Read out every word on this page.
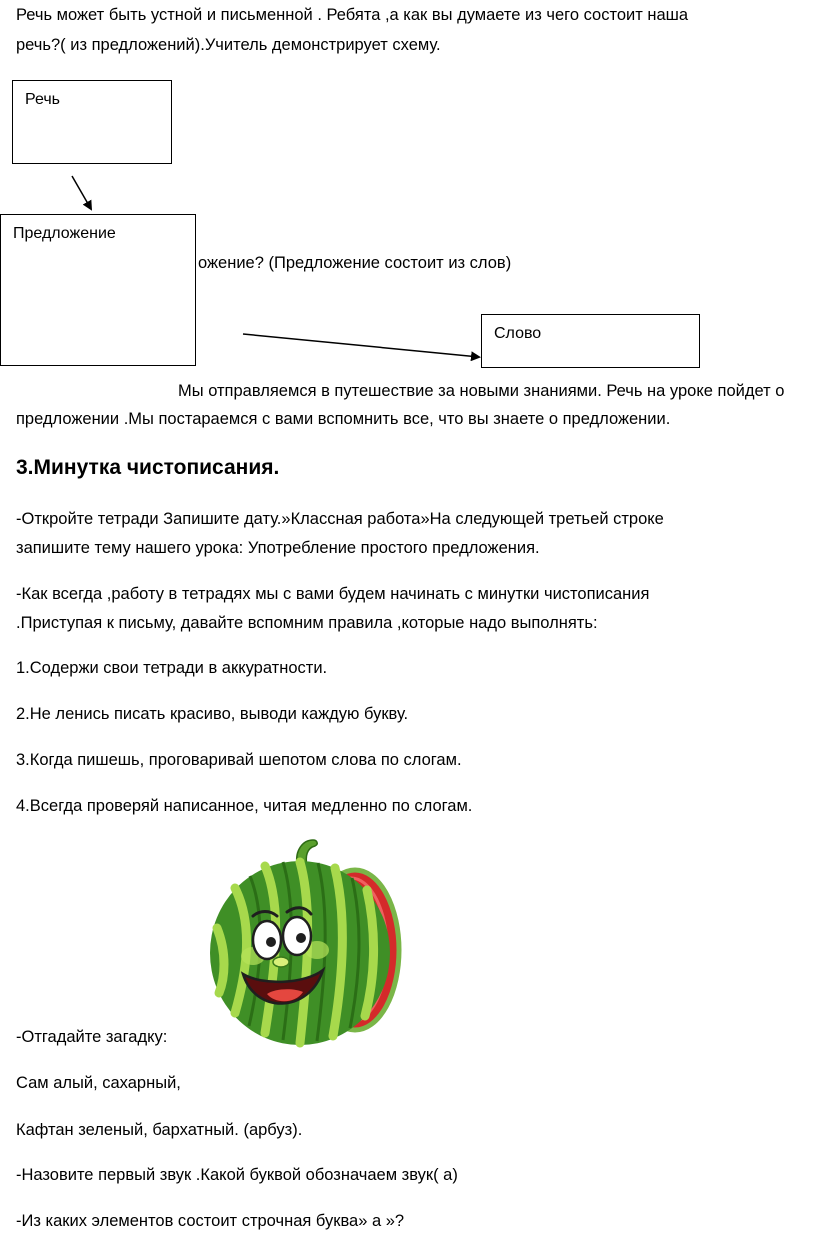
Речь может быть устной и письменной . Ребята ,а как вы думаете из чего состоит наша
речь?( из предложений).Учитель демонстрирует схему.
Речь
ожение? (Предложение состоит из слов)
Предложение
Слово
Мы отправляемся в путешествие за новыми знаниями. Речь на уроке пойдет о
предложении .Мы постараемся с вами вспомнить все, что вы знаете о предложении.
3.Минутка чистописания.
-Откройте тетради Запишите дату.»Классная работа»На следующей третьей строке
запишите тему нашего урока: Употребление простого предложения.
-Как всегда ,работу в тетрадях мы с вами будем начинать с минутки чистописания
.Приступая к письму, давайте вспомним правила ,которые надо выполнять:
1.Содержи свои тетради в аккуратности.
2.Не ленись писать красиво, выводи каждую букву.
3.Когда пишешь, проговаривай шепотом слова по слогам.
4.Всегда проверяй написанное, читая медленно по слогам.
-Отгадайте загадку:
Сам алый, сахарный,
Кафтан зеленый, бархатный. (арбуз).
-Назовите первый звук .Какой буквой обозначаем звук( а)
-Из каких элементов состоит строчная буква» а »?
